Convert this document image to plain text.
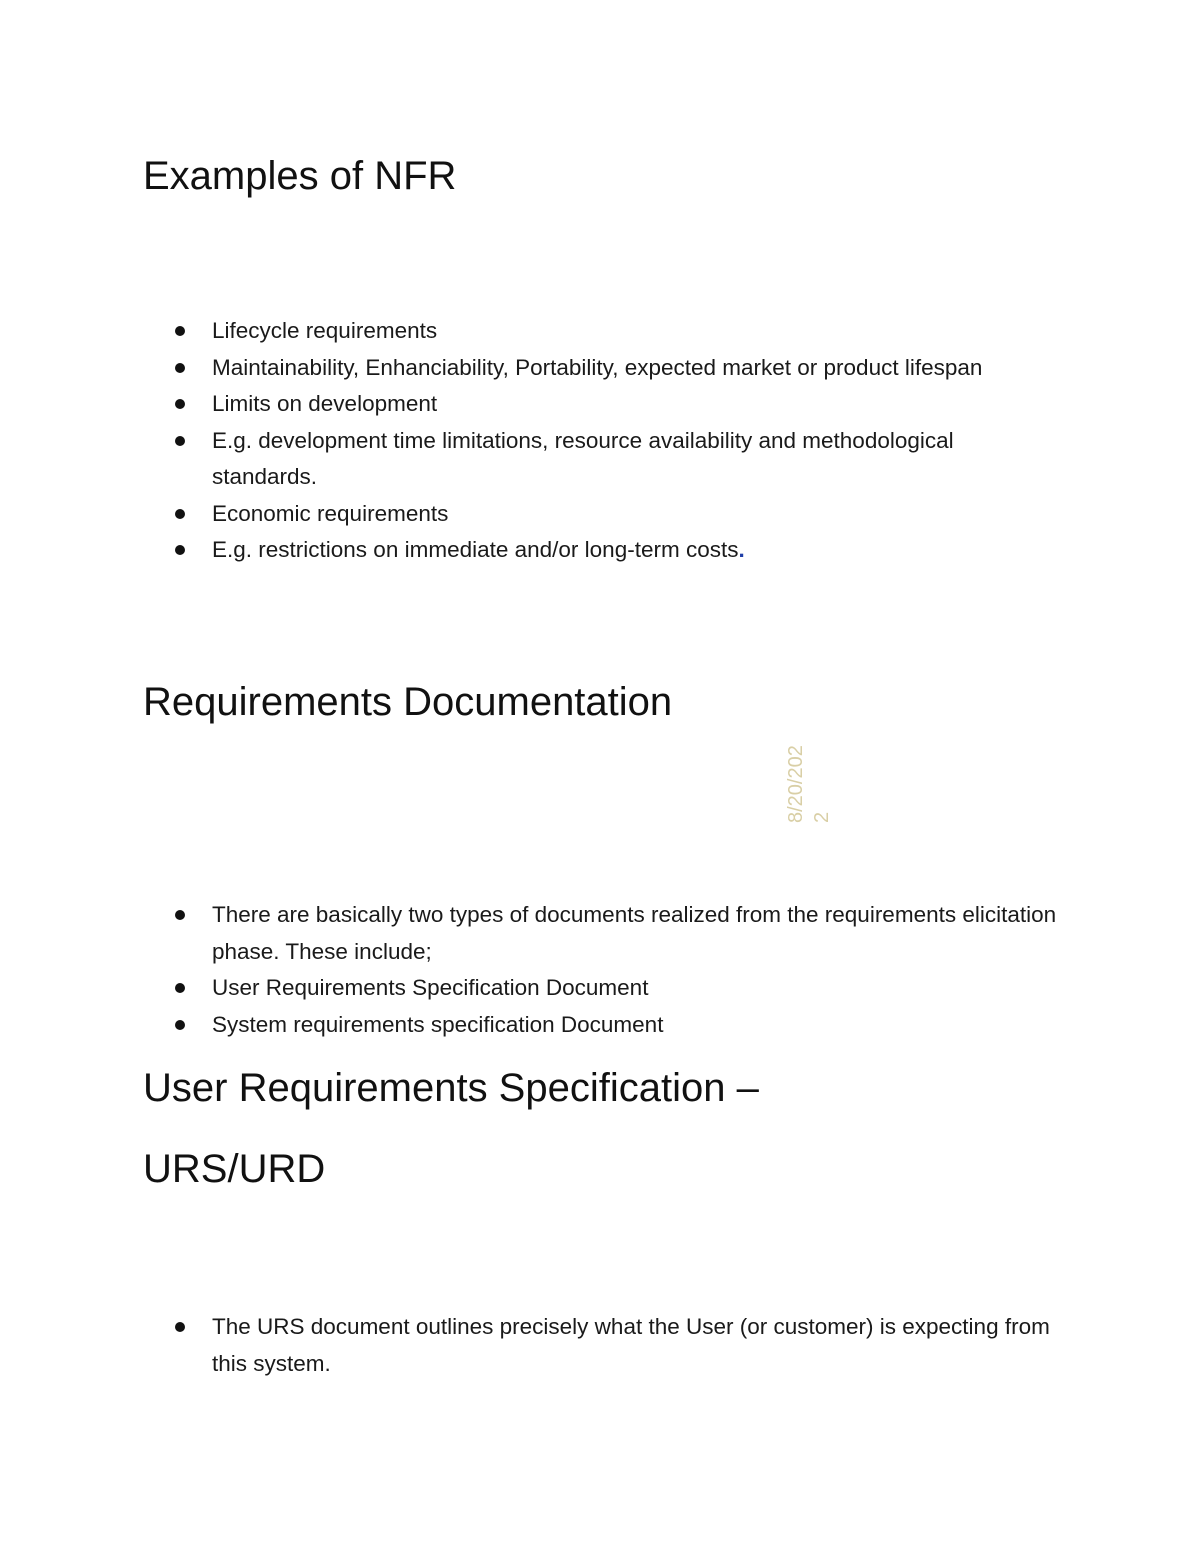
Examples of NFR
Lifecycle requirements
Maintainability, Enhanciability, Portability, expected market or product lifespan
Limits on development
E.g. development time limitations, resource availability and methodological standards.
Economic requirements
E.g. restrictions on immediate and/or long-term costs.
Requirements Documentation
8/20/202 2
There are basically two types of documents realized from the requirements elicitation phase. These include;
User Requirements Specification Document
System requirements specification Document
User Requirements Specification –
URS/URD
The URS document outlines precisely what the User (or customer) is expecting from this system.
